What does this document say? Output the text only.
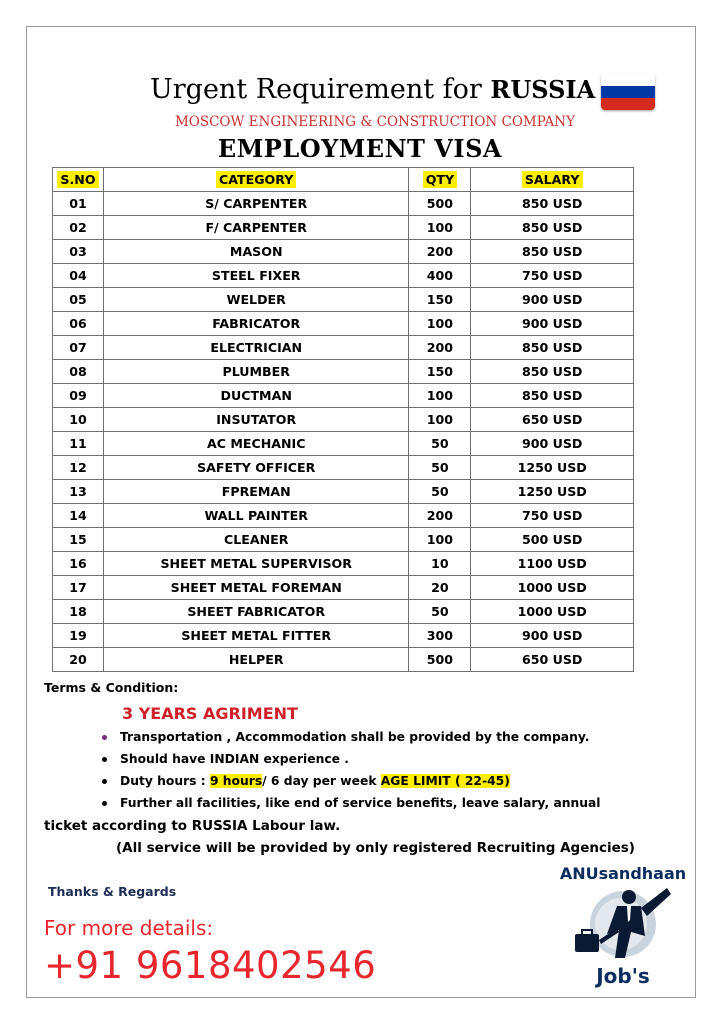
Urgent Requirement for RUSSIA
MOSCOW ENGINEERING & CONSTRUCTION COMPANY
EMPLOYMENT VISA
S.NO	CATEGORY	QTY	SALARY
01	S/ CARPENTER	500	850 USD
02	F/ CARPENTER	100	850 USD
03	MASON	200	850 USD
04	STEEL FIXER	400	750 USD
05	WELDER	150	900 USD
06	FABRICATOR	100	900 USD
07	ELECTRICIAN	200	850 USD
08	PLUMBER	150	850 USD
09	DUCTMAN	100	850 USD
10	INSUTATOR	100	650 USD
11	AC MECHANIC	50	900 USD
12	SAFETY OFFICER	50	1250 USD
13	FPREMAN	50	1250 USD
14	WALL PAINTER	200	750 USD
15	CLEANER	100	500 USD
16	SHEET METAL SUPERVISOR	10	1100 USD
17	SHEET METAL FOREMAN	20	1000 USD
18	SHEET FABRICATOR	50	1000 USD
19	SHEET METAL FITTER	300	900 USD
20	HELPER	500	650 USD
Terms & Condition:
3 YEARS AGRIMENT
Transportation , Accommodation shall be provided by the company.
Should have INDIAN experience .
Duty hours : 9 hours/ 6 day per week AGE LIMIT ( 22-45)
Further all facilities, like end of service benefits, leave salary, annual
ticket according to RUSSIA Labour law.
(All service will be provided by only registered Recruiting Agencies)
Thanks & Regards
For more details:
+91 9618402546
ANUsandhaan
Job's
